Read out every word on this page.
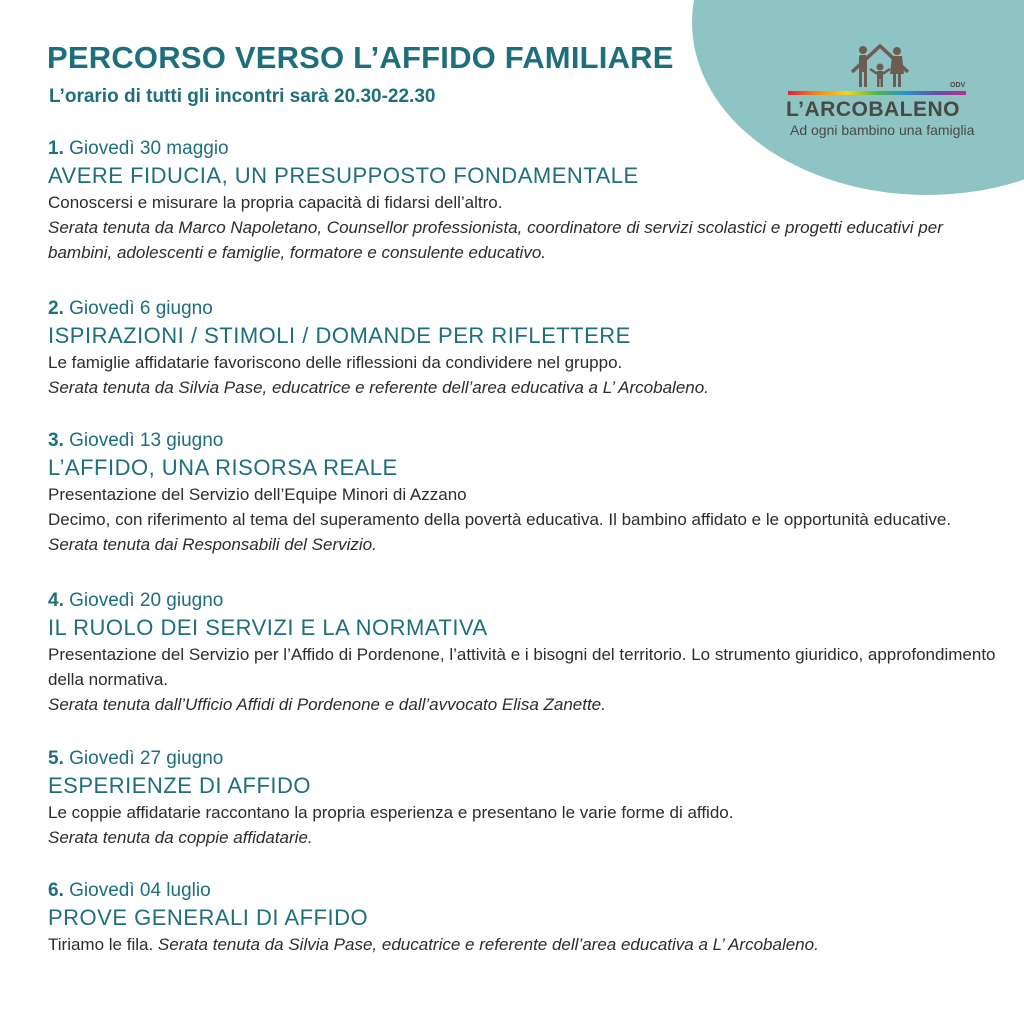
ODV
L’ARCOBALENO
Ad ogni bambino una famiglia
PERCORSO VERSO L’AFFIDO FAMILIARE
L’orario di tutti gli incontri sarà 20.30-22.30
1. Giovedì 30 maggio
AVERE FIDUCIA, UN PRESUPPOSTO FONDAMENTALE
Conoscersi e misurare la propria capacità di fidarsi dell’altro.
Serata tenuta da Marco Napoletano, Counsellor professionista, coordinatore di servizi scolastici e progetti educativi per bambini, adolescenti e famiglie, formatore e consulente educativo.
2. Giovedì 6 giugno
ISPIRAZIONI / STIMOLI / DOMANDE PER RIFLETTERE
Le famiglie affidatarie favoriscono delle riflessioni da condividere nel gruppo.
Serata tenuta da Silvia Pase, educatrice e referente dell’area educativa a L’ Arcobaleno.
3. Giovedì 13 giugno
L’AFFIDO, UNA RISORSA REALE
Presentazione del Servizio dell’Equipe Minori di Azzano
Decimo, con riferimento al tema del superamento della povertà educativa. Il bambino affidato e le opportunità educative. Serata tenuta dai Responsabili del Servizio.
4. Giovedì 20 giugno
IL RUOLO DEI SERVIZI E LA NORMATIVA
Presentazione del Servizio per l’Affido di Pordenone, l’attività e i bisogni del territorio. Lo strumento giuridico, approfondimento della normativa.
Serata tenuta dall’Ufficio Affidi di Pordenone e dall’avvocato Elisa Zanette.
5. Giovedì 27 giugno
ESPERIENZE DI AFFIDO
Le coppie affidatarie raccontano la propria esperienza e presentano le varie forme di affido.
Serata tenuta da coppie affidatarie.
6. Giovedì 04 luglio
PROVE GENERALI DI AFFIDO
Tiriamo le fila. Serata tenuta da Silvia Pase, educatrice e referente dell’area educativa a L’ Arcobaleno.
